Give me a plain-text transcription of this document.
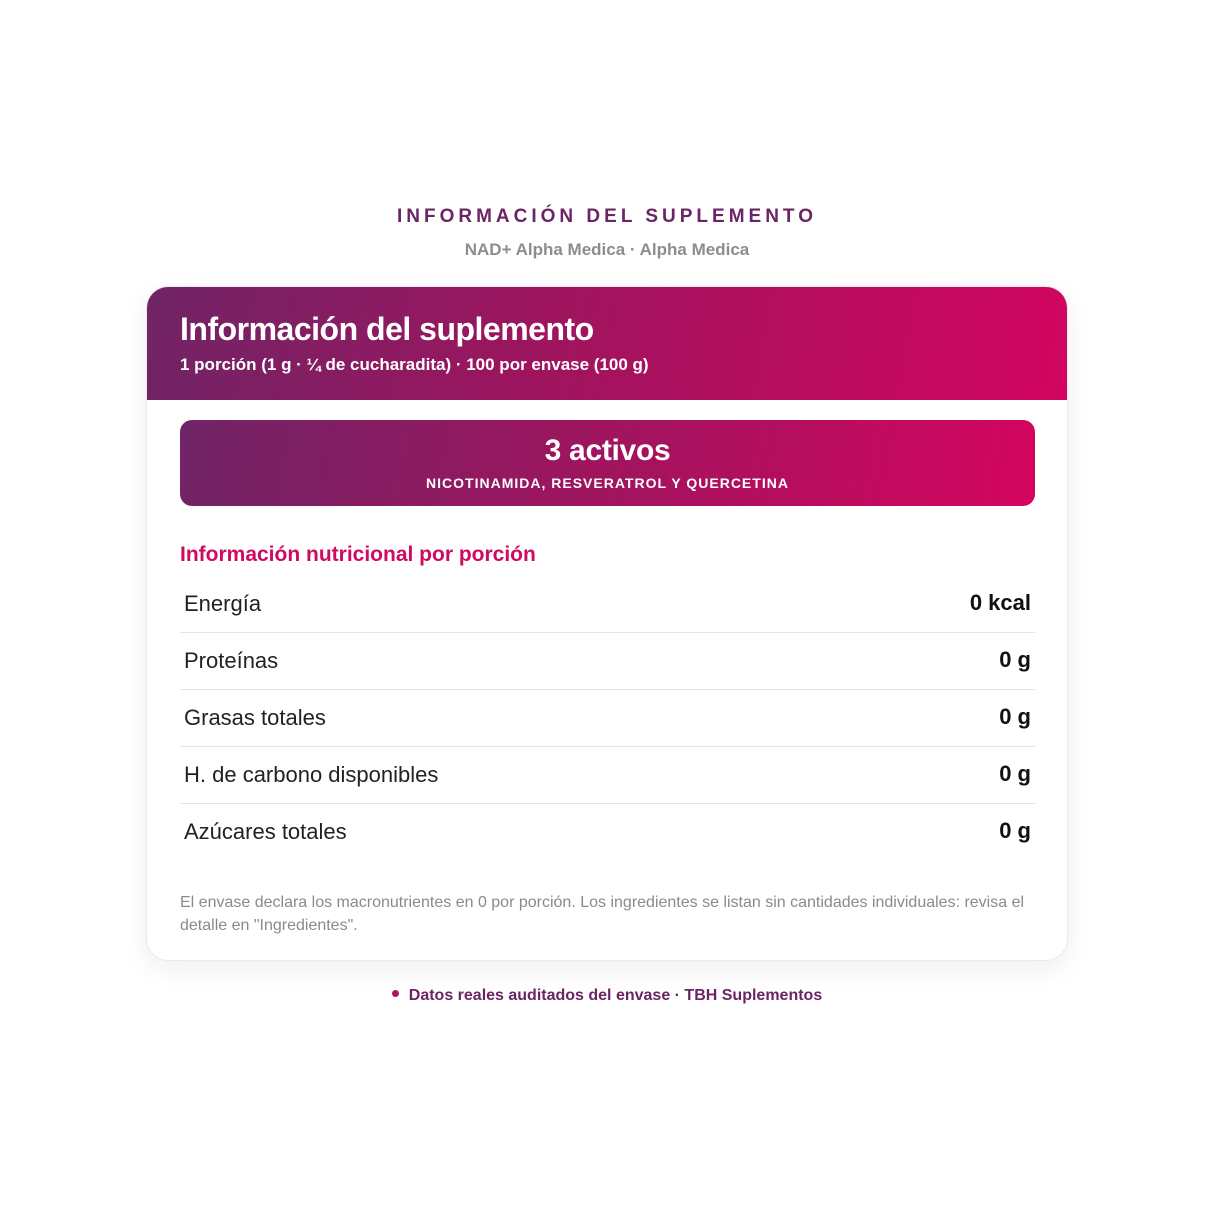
INFORMACIÓN DEL SUPLEMENTO
NAD+ Alpha Medica · Alpha Medica
Información del suplemento
1 porción (1 g · ¼ de cucharadita) · 100 por envase (100 g)
3 activos
NICOTINAMIDA, RESVERATROL Y QUERCETINA
Información nutricional por porción
Energía	0 kcal
Proteínas	0 g
Grasas totales	0 g
H. de carbono disponibles	0 g
Azúcares totales	0 g
El envase declara los macronutrientes en 0 por porción. Los ingredientes se listan sin cantidades individuales: revisa el detalle en "Ingredientes".
Datos reales auditados del envase · TBH Suplementos
